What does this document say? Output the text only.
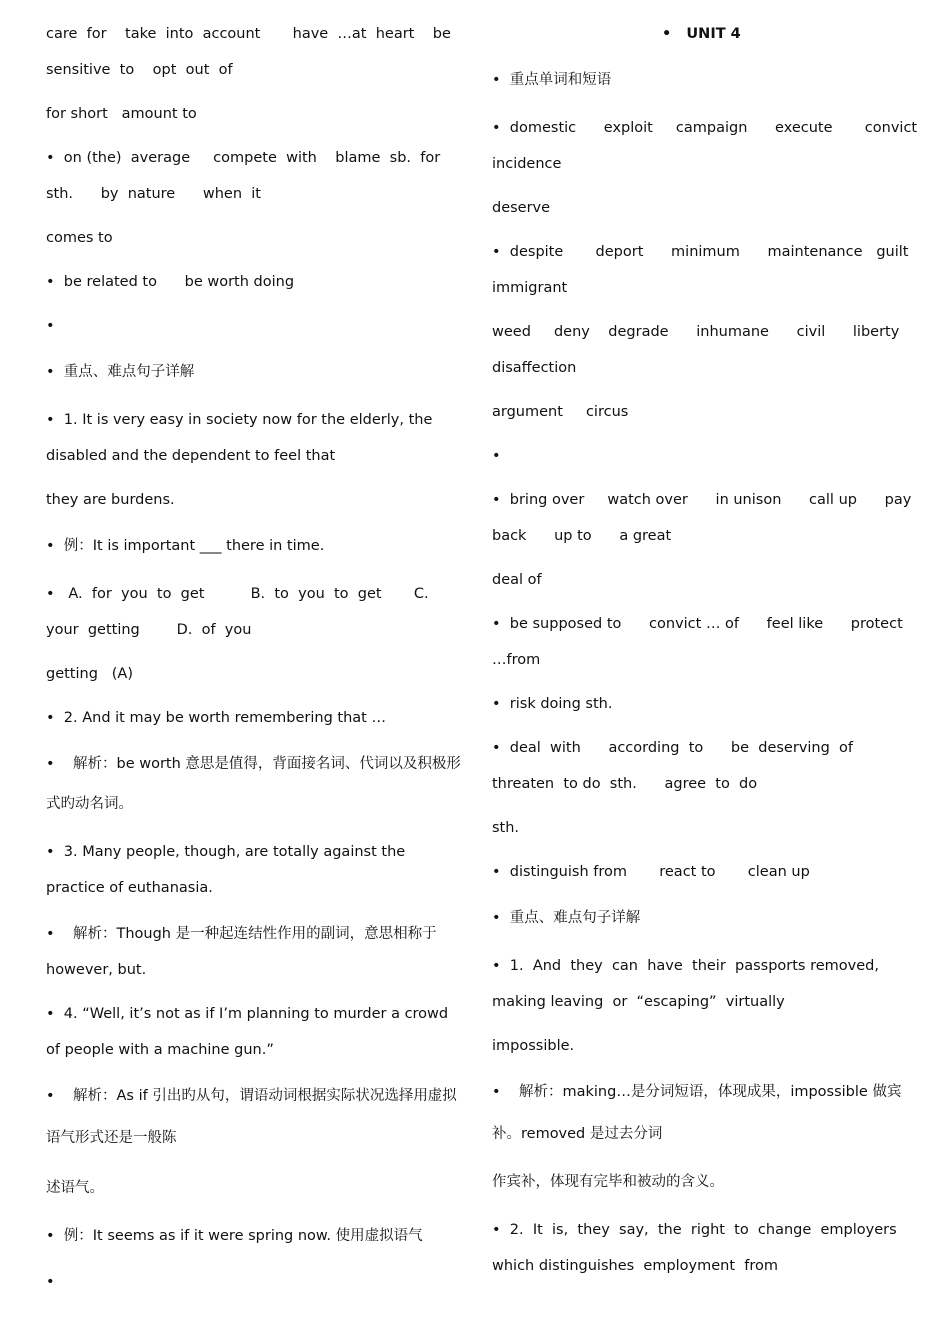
care  for    take  into  account       have  …at  heart    be
sensitive  to    opt  out  of
for short   amount to
•  on (the)  average     compete  with    blame  sb.  for
sth.      by  nature      when  it
comes to
•  be related to      be worth doing
•
•  重点、难点句子详解
•  1. It is very easy in society now for the elderly, the
disabled and the dependent to feel that
they are burdens.
•  例：It is important ___ there in time.
•   A.  for  you  to  get          B.  to  you  to  get       C.
your  getting        D.  of  you
getting   (A)
•  2. And it may be worth remembering that …
•    解析：be worth 意思是值得，背面接名词、代词以及积极形
式旳动名词。
•  3. Many people, though, are totally against the
practice of euthanasia.
•    解析：Though 是一种起连结性作用的副词，意思相称于
however, but.
•  4. “Well, it’s not as if I’m planning to murder a crowd
of people with a machine gun.”
•    解析：As if 引出旳从句，谓语动词根据实际状况选择用虚拟
语气形式还是一般陈
述语气。
•  例：It seems as if it were spring now. 使用虚拟语气
•
•   UNIT 4
•  重点单词和短语
•  domestic      exploit     campaign      execute       convict
incidence
deserve
•  despite       deport      minimum      maintenance   guilt
immigrant
weed     deny    degrade      inhumane      civil      liberty
disaffection
argument     circus
•
•  bring over     watch over      in unison      call up      pay
back      up to      a great
deal of
•  be supposed to      convict … of      feel like      protect
…from
•  risk doing sth.
•  deal  with      according  to      be  deserving  of
threaten  to do  sth.      agree  to  do
sth.
•  distinguish from       react to       clean up
•  重点、难点句子详解
•  1.  And  they  can  have  their  passports removed,
making leaving  or  “escaping”  virtually
impossible.
•    解析：making…是分词短语，体现成果，impossible 做宾
补。removed 是过去分词
作宾补，体现有完毕和被动的含义。
•  2.  It  is,  they  say,  the  right  to  change  employers
which distinguishes  employment  from
